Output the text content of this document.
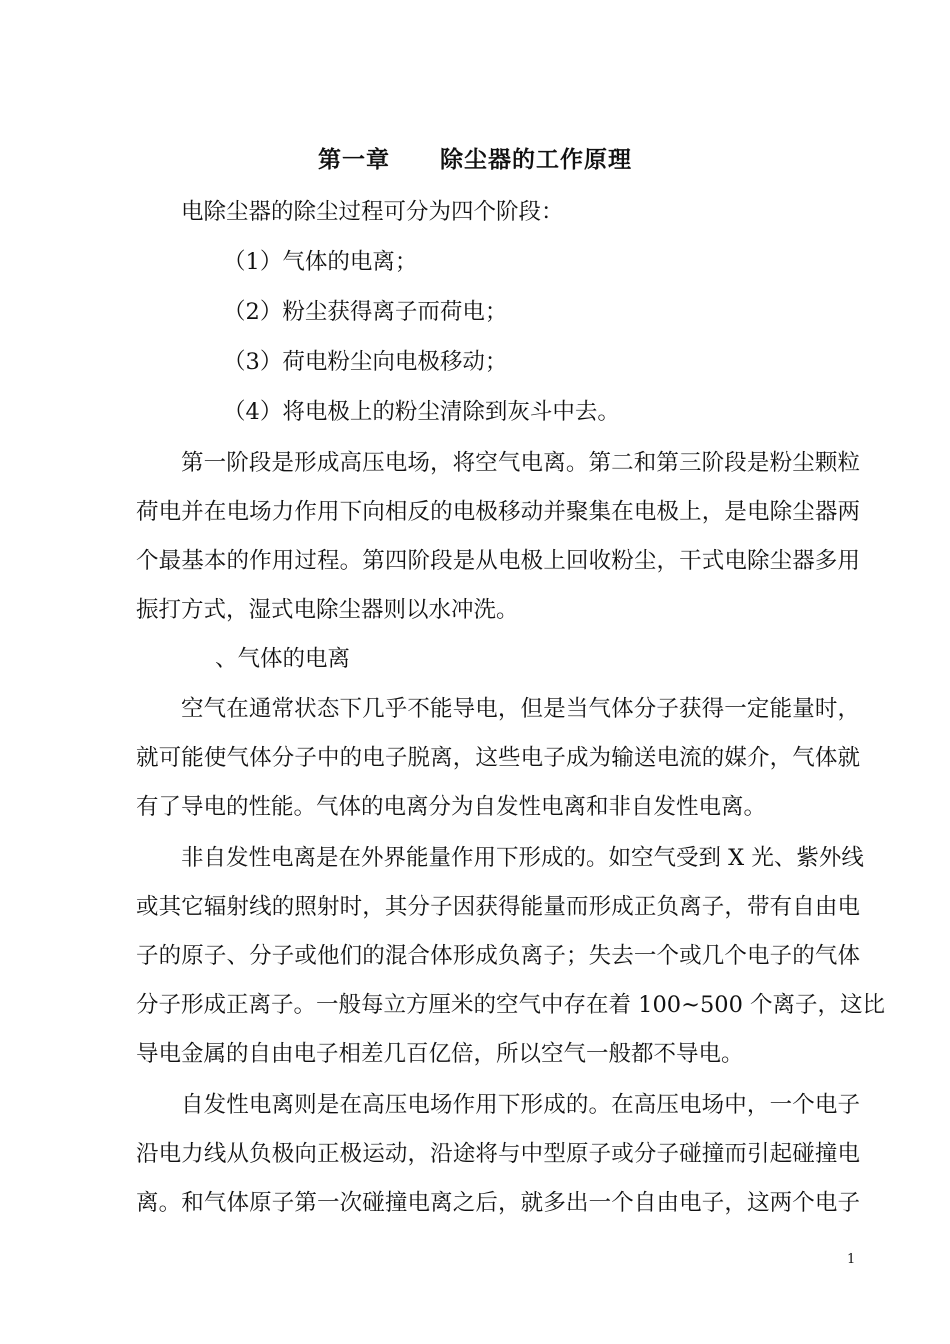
第一章 除尘器的工作原理
电除尘器的除尘过程可分为四个阶段：
（1）气体的电离；
（2）粉尘获得离子而荷电；
（3）荷电粉尘向电极移动；
（4）将电极上的粉尘清除到灰斗中去。
第一阶段是形成高压电场，将空气电离。第二和第三阶段是粉尘颗粒
荷电并在电场力作用下向相反的电极移动并聚集在电极上，是电除尘器两
个最基本的作用过程。第四阶段是从电极上回收粉尘，干式电除尘器多用
振打方式，湿式电除尘器则以水冲洗。
、气体的电离
空气在通常状态下几乎不能导电，但是当气体分子获得一定能量时，
就可能使气体分子中的电子脱离，这些电子成为输送电流的媒介，气体就
有了导电的性能。气体的电离分为自发性电离和非自发性电离。
非自发性电离是在外界能量作用下形成的。如空气受到 X 光、紫外线
或其它辐射线的照射时，其分子因获得能量而形成正负离子，带有自由电
子的原子、分子或他们的混合体形成负离子；失去一个或几个电子的气体
分子形成正离子。一般每立方厘米的空气中存在着 100~500 个离子，这比
导电金属的自由电子相差几百亿倍，所以空气一般都不导电。
自发性电离则是在高压电场作用下形成的。在高压电场中，一个电子
沿电力线从负极向正极运动，沿途将与中型原子或分子碰撞而引起碰撞电
离。和气体原子第一次碰撞电离之后，就多出一个自由电子，这两个电子
1
